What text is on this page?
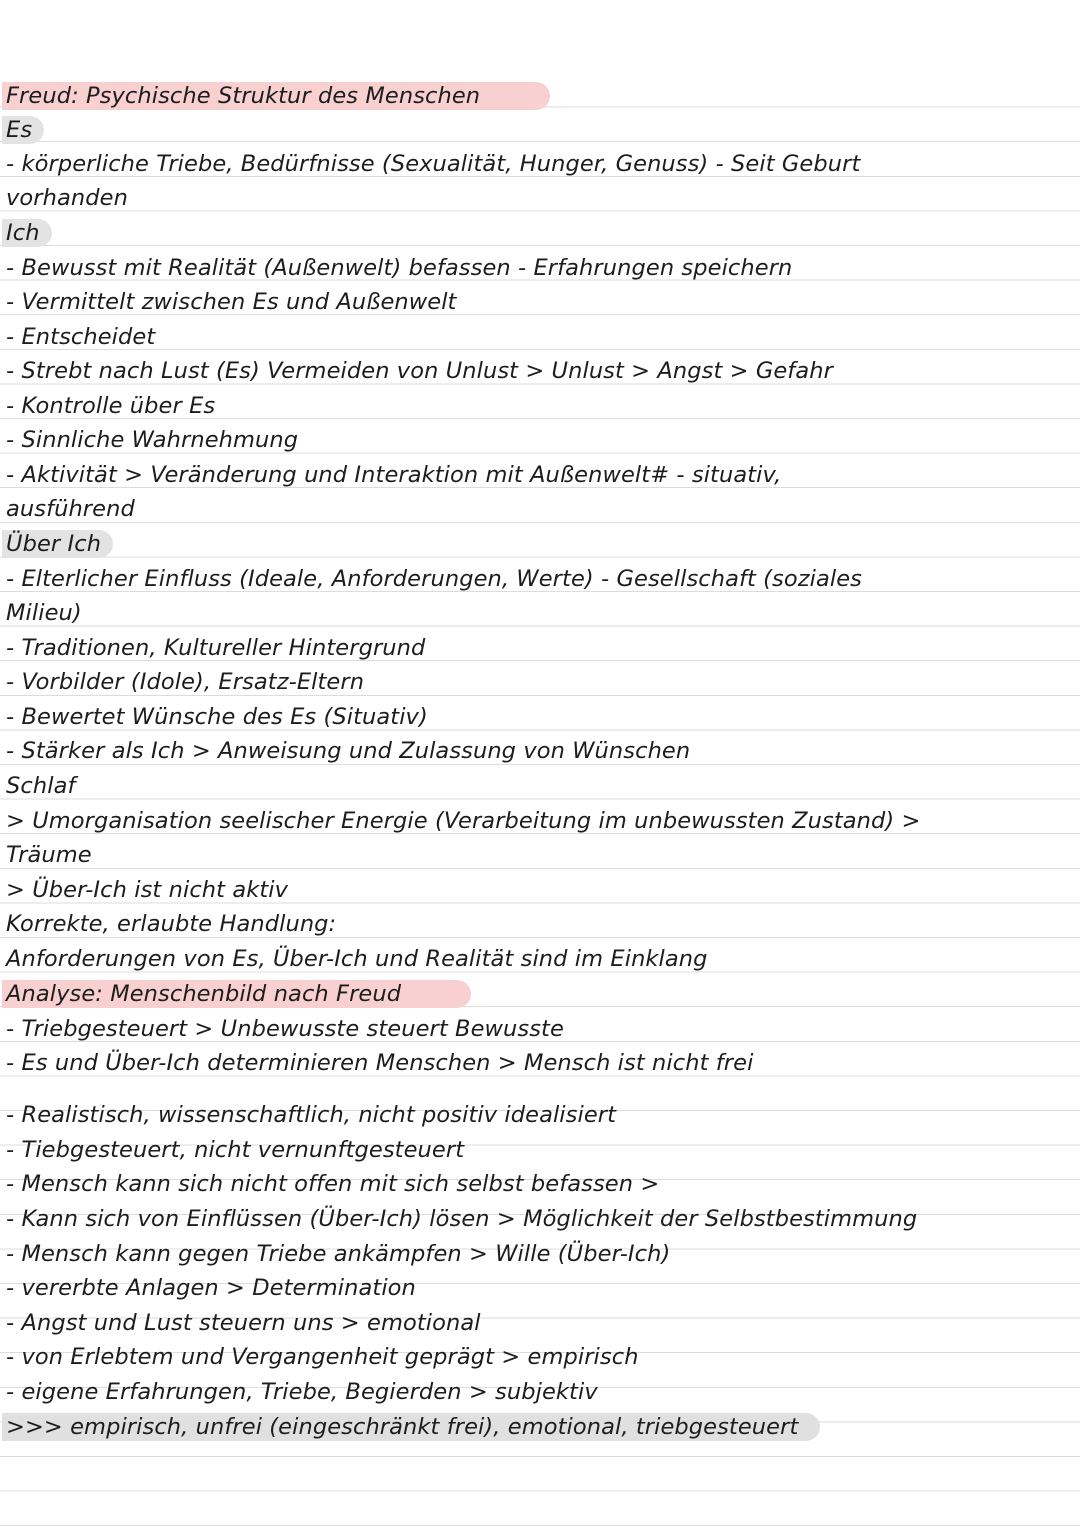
Freud: Psychische Struktur des Menschen
Es
- körperliche Triebe, Bedürfnisse (Sexualität, Hunger, Genuss) - Seit Geburt
vorhanden
Ich
- Bewusst mit Realität (Außenwelt) befassen - Erfahrungen speichern
- Vermittelt zwischen Es und Außenwelt
- Entscheidet
- Strebt nach Lust (Es) Vermeiden von Unlust > Unlust > Angst > Gefahr
- Kontrolle über Es
- Sinnliche Wahrnehmung
- Aktivität > Veränderung und Interaktion mit Außenwelt# - situativ,
ausführend
Über Ich
- Elterlicher Einfluss (Ideale, Anforderungen, Werte) - Gesellschaft (soziales
Milieu)
- Traditionen, Kultureller Hintergrund
- Vorbilder (Idole), Ersatz-Eltern
- Bewertet Wünsche des Es (Situativ)
- Stärker als Ich > Anweisung und Zulassung von Wünschen
Schlaf
> Umorganisation seelischer Energie (Verarbeitung im unbewussten Zustand) >
Träume
> Über-Ich ist nicht aktiv
Korrekte, erlaubte Handlung:
Anforderungen von Es, Über-Ich und Realität sind im Einklang
Analyse: Menschenbild nach Freud
- Triebgesteuert > Unbewusste steuert Bewusste
- Es und Über-Ich determinieren Menschen > Mensch ist nicht frei
- Realistisch, wissenschaftlich, nicht positiv idealisiert
- Tiebgesteuert, nicht vernunftgesteuert
- Mensch kann sich nicht offen mit sich selbst befassen >
- Kann sich von Einflüssen (Über-Ich) lösen > Möglichkeit der Selbstbestimmung
- Mensch kann gegen Triebe ankämpfen > Wille (Über-Ich)
- vererbte Anlagen > Determination
- Angst und Lust steuern uns > emotional
- von Erlebtem und Vergangenheit geprägt > empirisch
- eigene Erfahrungen, Triebe, Begierden > subjektiv
>>> empirisch, unfrei (eingeschränkt frei), emotional, triebgesteuert
